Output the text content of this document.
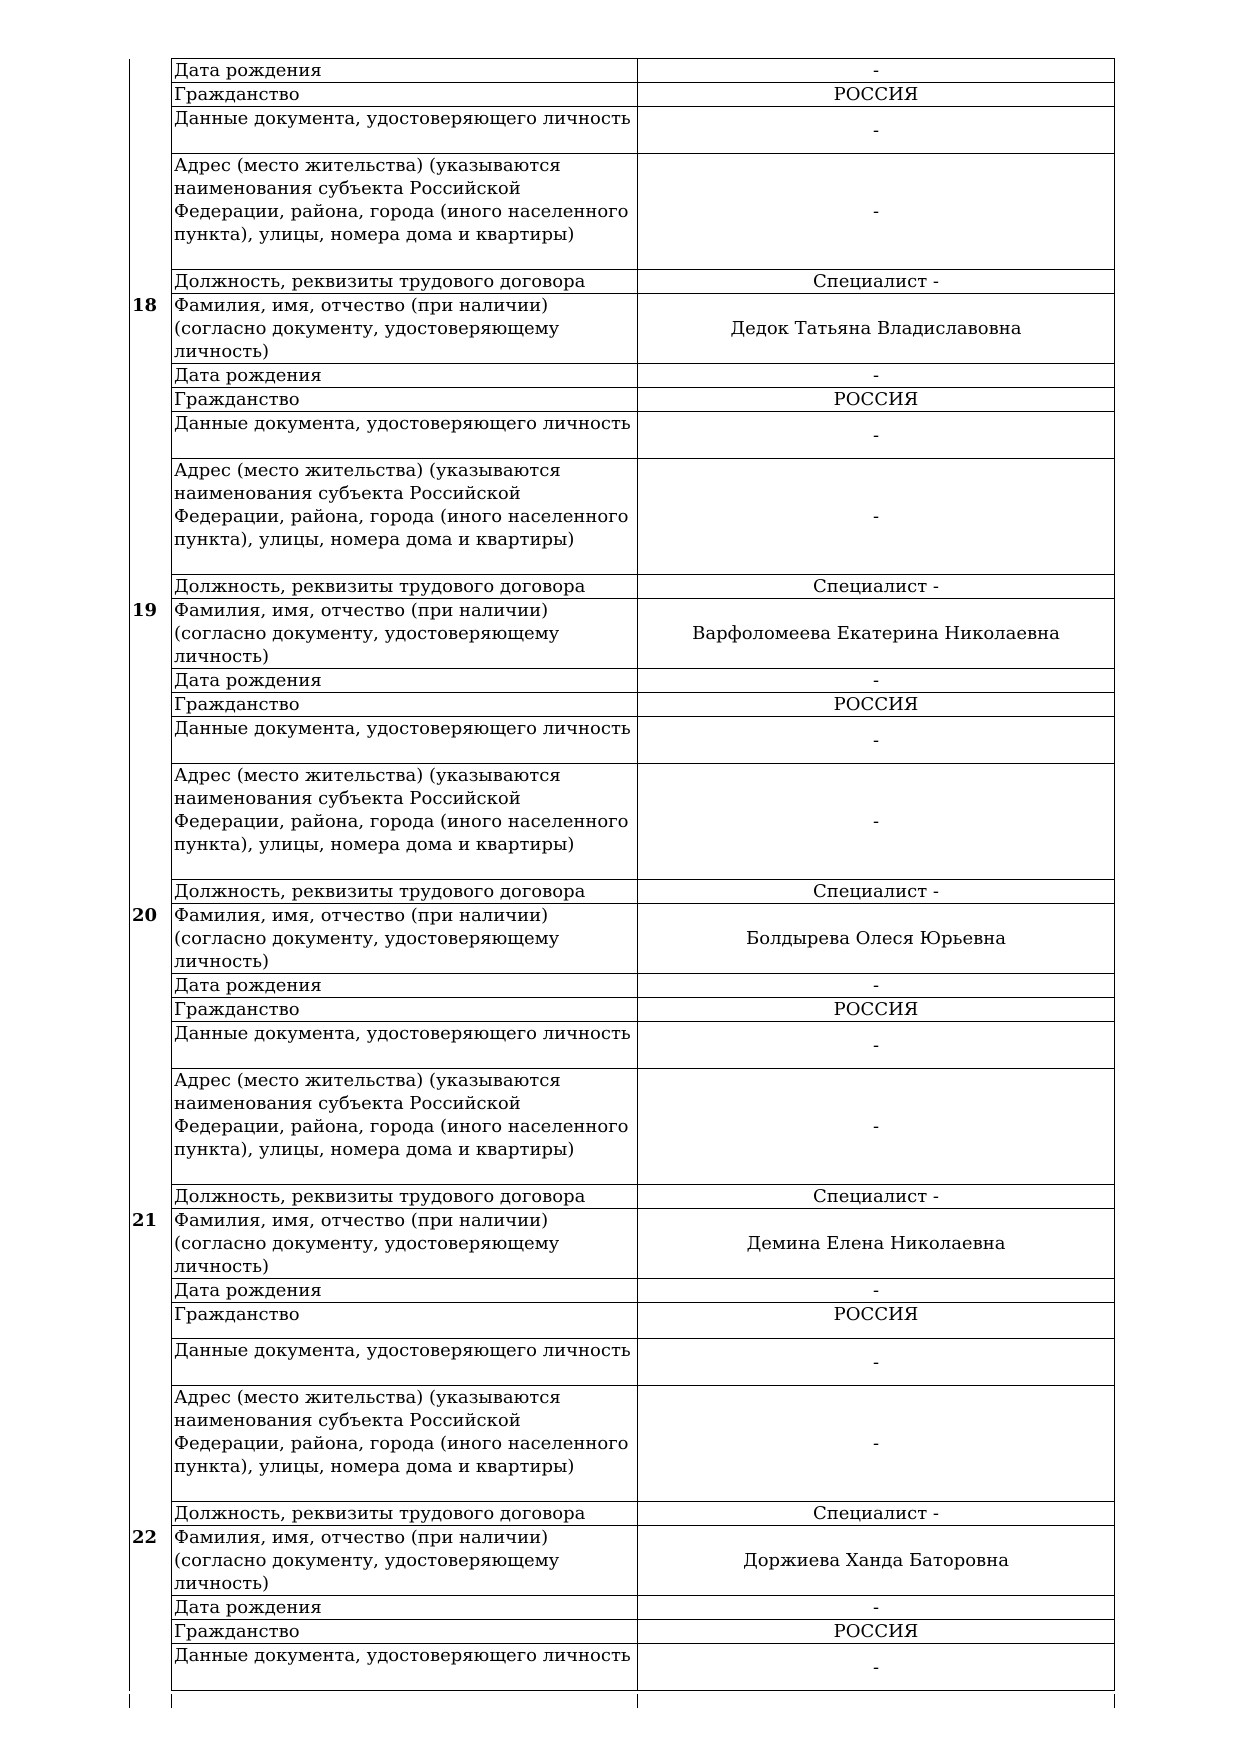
	Дата рождения	-
	Гражданство	РОССИЯ
	Данные документа, удостоверяющего личность	-
	Адрес (место жительства) (указываются наименования субъекта Российской Федерации, района, города (иного населенного пункта), улицы, номера дома и квартиры)	-
	Должность, реквизиты трудового договора	Специалист -
18	Фамилия, имя, отчество (при наличии) (согласно документу, удостоверяющему личность)	Дедок Татьяна Владиславовна
	Дата рождения	-
	Гражданство	РОССИЯ
	Данные документа, удостоверяющего личность	-
	Адрес (место жительства) (указываются наименования субъекта Российской Федерации, района, города (иного населенного пункта), улицы, номера дома и квартиры)	-
	Должность, реквизиты трудового договора	Специалист -
19	Фамилия, имя, отчество (при наличии) (согласно документу, удостоверяющему личность)	Варфоломеева Екатерина Николаевна
	Дата рождения	-
	Гражданство	РОССИЯ
	Данные документа, удостоверяющего личность	-
	Адрес (место жительства) (указываются наименования субъекта Российской Федерации, района, города (иного населенного пункта), улицы, номера дома и квартиры)	-
	Должность, реквизиты трудового договора	Специалист -
20	Фамилия, имя, отчество (при наличии) (согласно документу, удостоверяющему личность)	Болдырева Олеся Юрьевна
	Дата рождения	-
	Гражданство	РОССИЯ
	Данные документа, удостоверяющего личность	-
	Адрес (место жительства) (указываются наименования субъекта Российской Федерации, района, города (иного населенного пункта), улицы, номера дома и квартиры)	-
	Должность, реквизиты трудового договора	Специалист -
21	Фамилия, имя, отчество (при наличии) (согласно документу, удостоверяющему личность)	Демина Елена Николаевна
	Дата рождения	-
	Гражданство	РОССИЯ
	Данные документа, удостоверяющего личность	-
	Адрес (место жительства) (указываются наименования субъекта Российской Федерации, района, города (иного населенного пункта), улицы, номера дома и квартиры)	-
	Должность, реквизиты трудового договора	Специалист -
22	Фамилия, имя, отчество (при наличии) (согласно документу, удостоверяющему личность)	Доржиева Ханда Баторовна
	Дата рождения	-
	Гражданство	РОССИЯ
	Данные документа, удостоверяющего личность	-
